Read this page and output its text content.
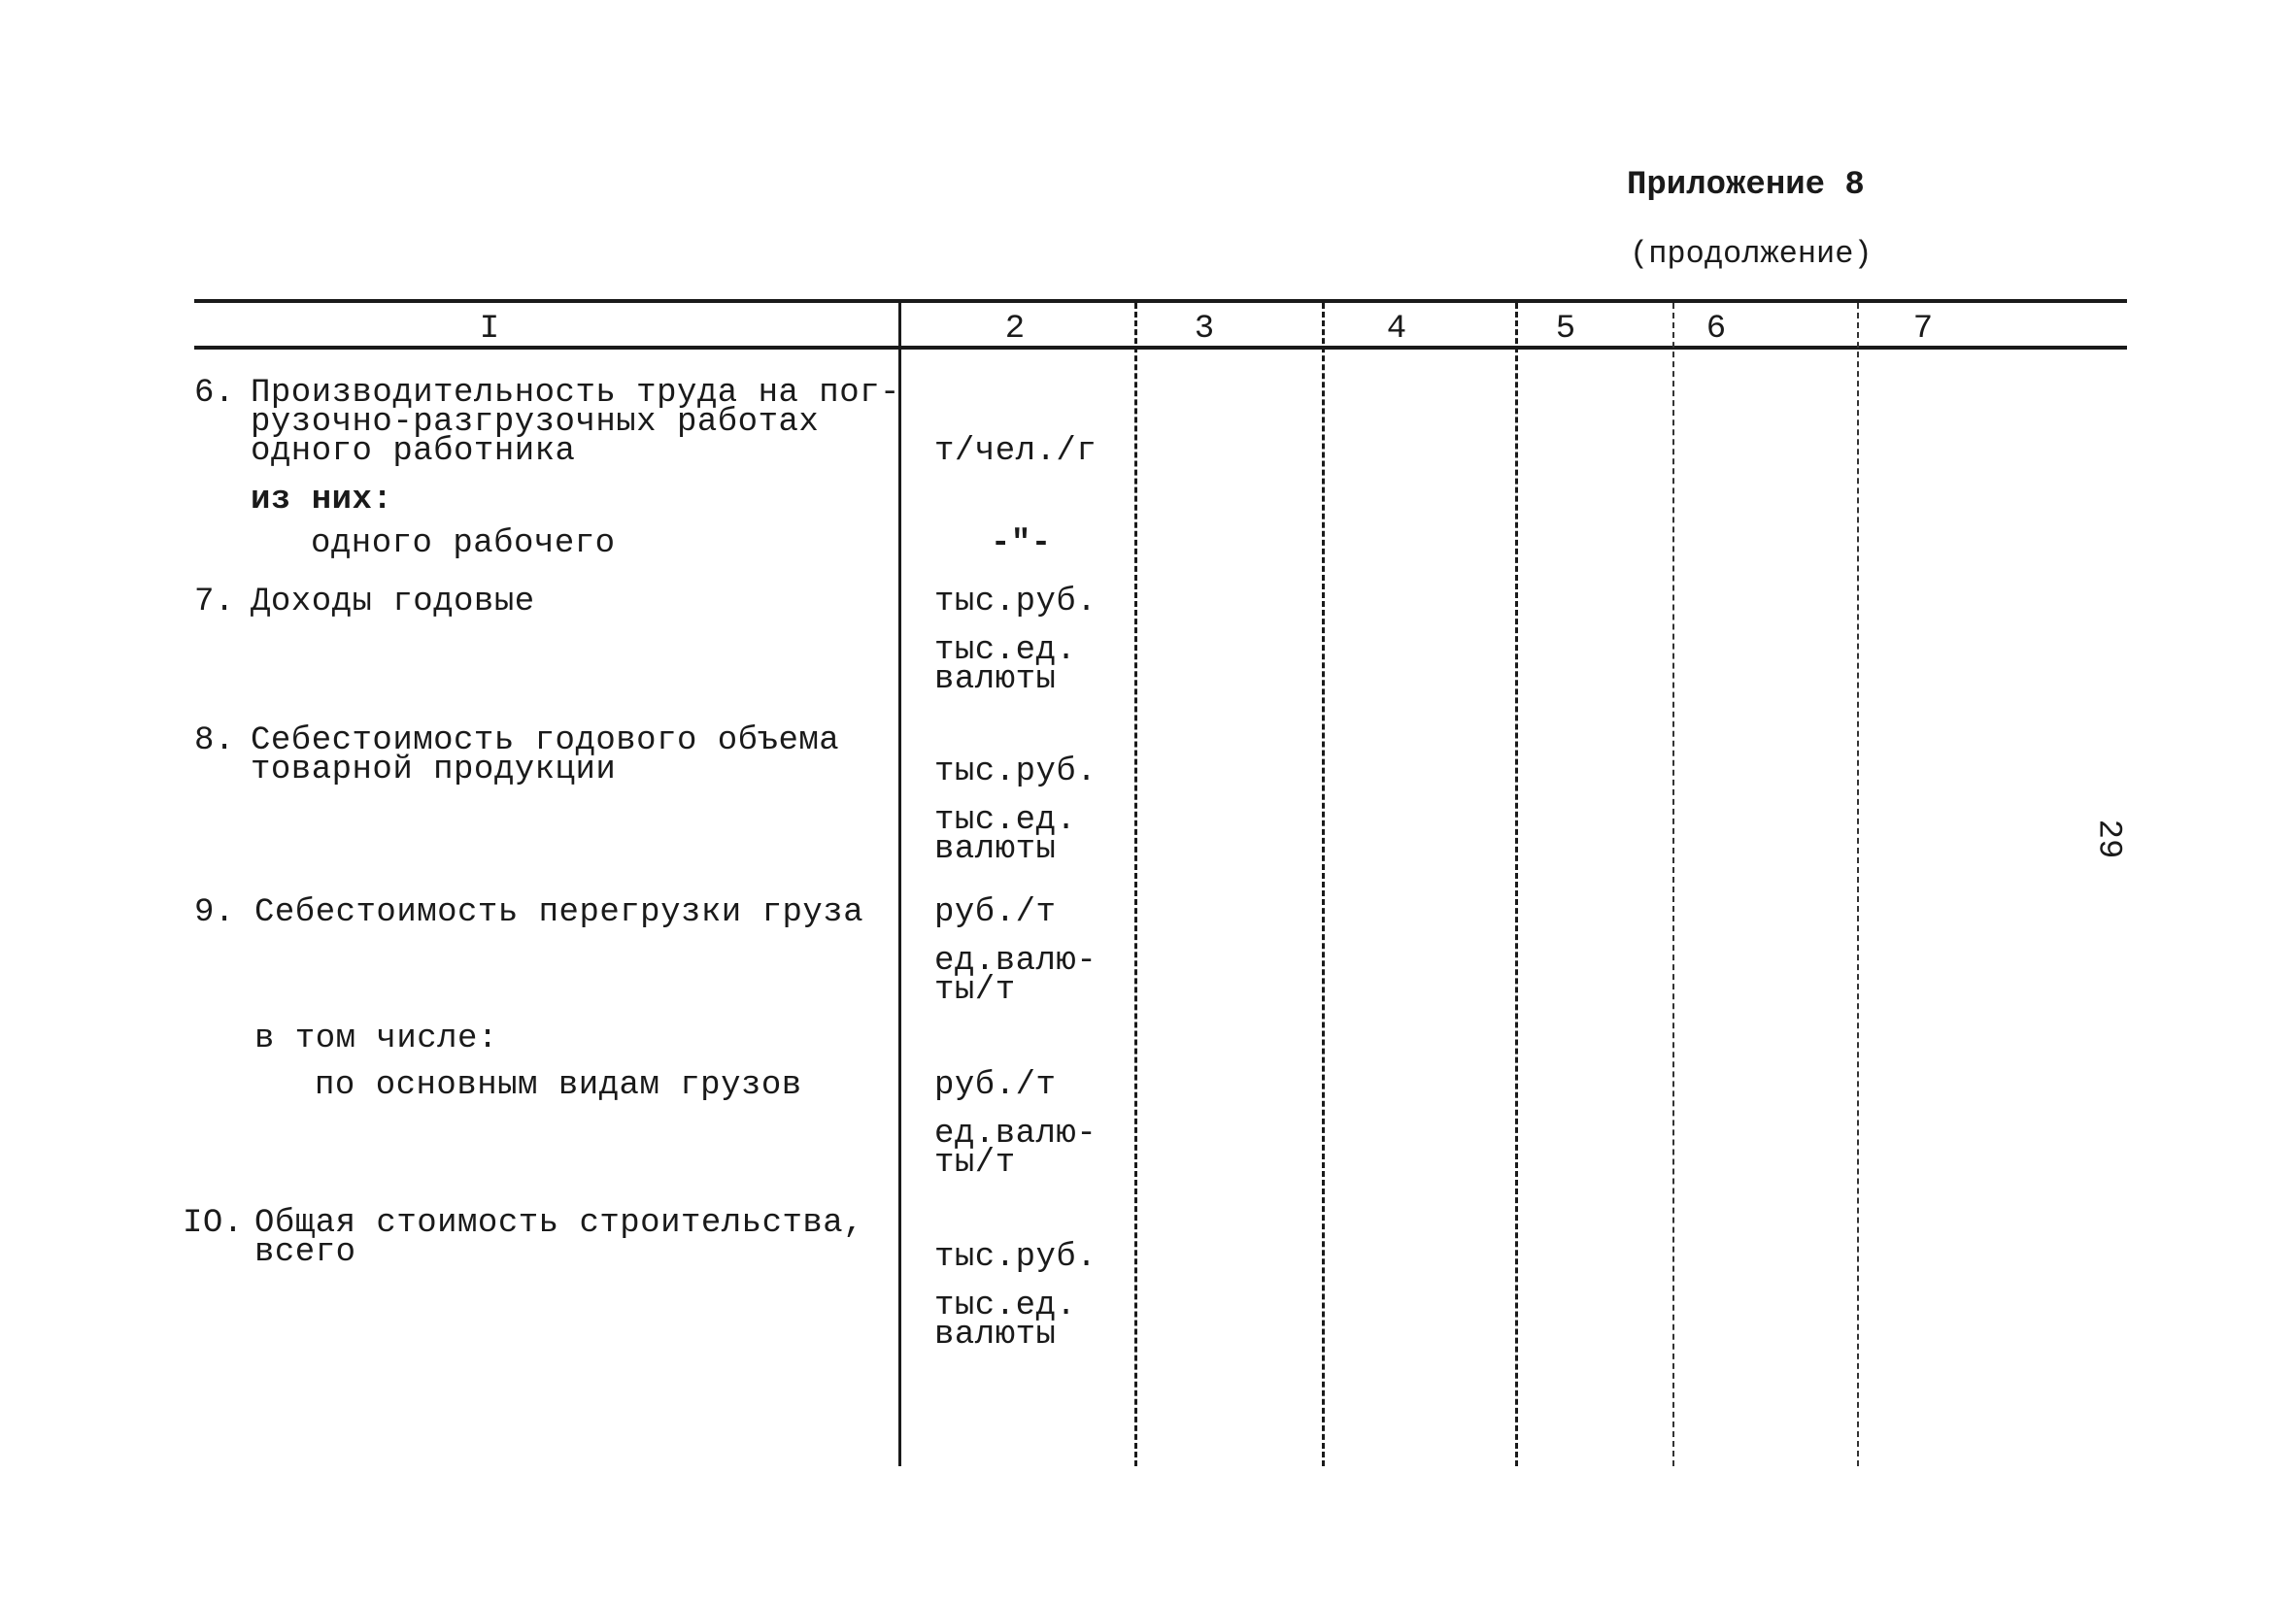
Приложение 8
(продолжение)
I	2	3	4	5	6	7
6. Производительность труда на пог-
рузочно-разгрузочных работах
одного работника	т/чел./г
из них:
одного рабочего	-"-
7. Доходы годовые	тыс.руб.
тыс.ед.
валюты
8. Себестоимость годового объема
товарной продукции	тыс.руб.
тыс.ед.
валюты
9. Себестоимость перегрузки груза руб./т
ед.валю-
ты/т
в том числе:
по основным видам грузов	руб./т
ед.валю-
ты/т
IO. Общая стоимость строительства,
всего	тыс.руб.
тыс.ед.
валюты
29
